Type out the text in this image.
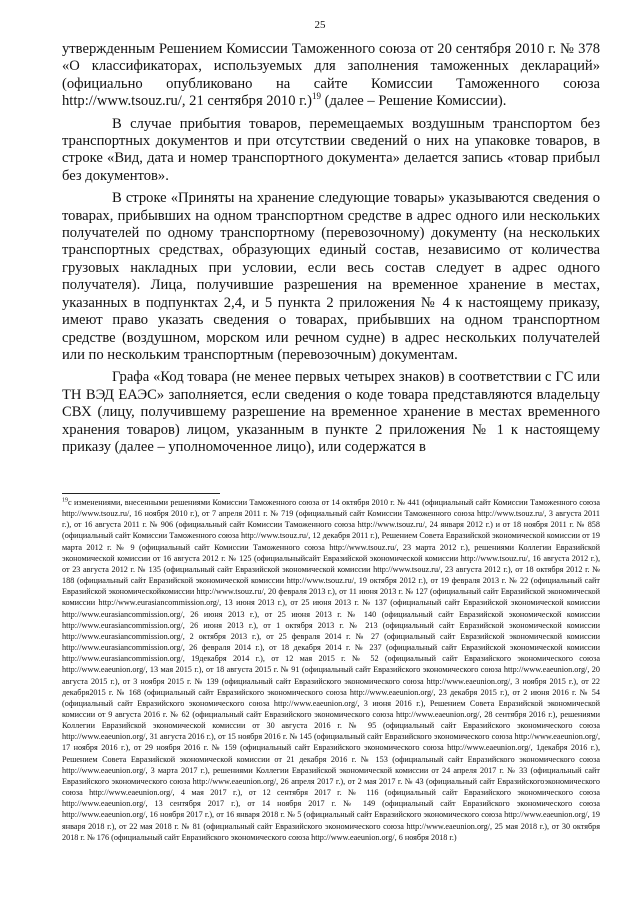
25

утвержденным Решением Комиссии Таможенного союза от 20 сентября 2010 г. № 378 «О классификаторах, используемых для заполнения таможенных деклараций» (официально опубликовано на сайте Комиссии Таможенного союза http://www.tsouz.ru/, 21 сентября 2010 г.)$^{19}$ (далее – Решение Комиссии).

В случае прибытия товаров, перемещаемых воздушным транспортом без транспортных документов и при отсутствии сведений о них на упаковке товаров, в строке «Вид, дата и номер транспортного документа» делается запись «товар прибыл без документов».

В строке «Приняты на хранение следующие товары» указываются сведения о товарах, прибывших на одном транспортном средстве в адрес одного или нескольких получателей по одному транспортному (перевозочному) документу (на нескольких транспортных средствах, образующих единый состав, независимо от количества грузовых накладных при условии, если весь состав следует в адрес одного получателя). Лица, получившие разрешения на временное хранение в местах, указанных в подпунктах 2,4, и 5 пункта 2 приложения № 4 к настоящему приказу, имеют право указать сведения о товарах, прибывших на одном транспортном средстве (воздушном, морском или речном судне) в адрес нескольких получателей или по нескольким транспортным (перевозочным) документам.

Графа «Код товара (не менее первых четырех знаков) в соответствии с ГС или ТН ВЭД ЕАЭС» заполняется, если сведения о коде товара представляются владельцу СВХ (лицу, получившему разрешение на временное хранение в местах временного хранения товаров) лицом, указанным в пункте 2 приложения № 1 к настоящему приказу (далее – уполномоченное лицо), или содержатся в

$^{19}$с изменениями, внесенными решениями Комиссии Таможенного союза от 14 октября 2010 г. № 441 (официальный сайт Комиссии Таможенного союза http://www.tsouz.ru/, 16 ноября 2010 г.), от 7 апреля 2011 г. № 719 (официальный сайт Комиссии Таможенного союза http://www.tsouz.ru/, 3 августа 2011 г.), от 16 августа 2011 г. № 906 (официальный сайт Комиссии Таможенного союза http://www.tsouz.ru/, 24 января 2012 г.) и от 18 ноября 2011 г. № 858 (официальный сайт Комиссии Таможенного союза http://www.tsouz.ru/, 12 декабря 2011 г.), Решением Совета Евразийской экономической комиссии от 19 марта 2012 г. № 9 (официальный сайт Комиссии Таможенного союза http://www.tsouz.ru/, 23 марта 2012 г.), решениями Коллегии Евразийской экономической комиссии от 16 августа 2012 г. № 125 (официальныйсайт Евразийской экономической комиссии http://www.tsouz.ru/, 16 августа 2012 г.), от 23 августа 2012 г. № 135 (официальный сайт Евразийской экономической комиссии http://www.tsouz.ru/, 23 августа 2012 г.), от 18 октября 2012 г. № 188 (официальный сайт Евразийской экономической комиссии http://www.tsouz.ru/, 19 октября 2012 г.), от 19 февраля 2013 г. № 22 (официальный сайт Евразийской экономическойкомиссии http://www.tsouz.ru/, 20 февраля 2013 г.), от 11 июня 2013 г. № 127 (официальный сайт Евразийской экономической комиссии http://www.eurasiancommission.org/, 13 июня 2013 г.), от 25 июня 2013 г. № 137 (официальный сайт Евразийской экономической комиссии http://www.eurasiancommission.org/, 26 июня 2013 г.), от 25 июня 2013 г. № 140 (официальный сайт Евразийской экономической комиссии http://www.eurasiancommission.org/, 26 июня 2013 г.), от 1 октября 2013 г. № 213 (официальный сайт Евразийской экономической комиссии http://www.eurasiancommission.org/, 2 октября 2013 г.), от 25 февраля 2014 г. № 27 (официальный сайт Евразийской экономической комиссии http://www.eurasiancommission.org/, 26 февраля 2014 г.), от 18 декабря 2014 г. № 237 (официальный сайт Евразийской экономической комиссии http://www.eurasiancommission.org/, 19декабря 2014 г.), от 12 мая 2015 г. № 52 (официальный сайт Евразийского экономического союза http://www.eaeunion.org/, 13 мая 2015 г.), от 18 августа 2015 г. № 91 (официальный сайт Евразийского экономического союза http://www.eaeunion.org/, 20 августа 2015 г.), от 3 ноября 2015 г. № 139 (официальный сайт Евразийского экономического союза http://www.eaeunion.org/, 3 ноября 2015 г.), от 22 декабря2015 г. № 168 (официальный сайт Евразийского экономического союза http://www.eaeunion.org/, 23 декабря 2015 г.), от 2 июня 2016 г. № 54 (официальный сайт Евразийского экономического союза http://www.eaeunion.org/, 3 июня 2016 г.), Решением Совета Евразийской экономической комиссии от 9 августа 2016 г. № 62 (официальный сайт Евразийского экономического союза http://www.eaeunion.org/, 28 сентября 2016 г.), решениями Коллегии Евразийской экономической комиссии от 30 августа 2016 г. № 95 (официальный сайт Евразийского экономического союза http://www.eaeunion.org/, 31 августа 2016 г.), от 15 ноября 2016 г. № 145 (официальный сайт Евразийского экономического союза http://www.eaeunion.org/, 17 ноября 2016 г.), от 29 ноября 2016 г. № 159 (официальный сайт Евразийского экономического союза http://www.eaeunion.org/, 1декабря 2016 г.), Решением Совета Евразийской экономической комиссии от 21 декабря 2016 г. № 153 (официальный сайт Евразийского экономического союза http://www.eaeunion.org/, 3 марта 2017 г.), решениями Коллегии Евразийской экономической комиссии от 24 апреля 2017 г. № 33 (официальный сайт Евразийского экономического союза http://www.eaeunion.org/, 26 апреля 2017 г.), от 2 мая 2017 г. № 43 (официальный сайт Евразийскогоэкономического союза http://www.eaeunion.org/, 4 мая 2017 г.), от 12 сентября 2017 г. № 116 (официальный сайт Евразийского экономического союза http://www.eaeunion.org/, 13 сентября 2017 г.), от 14 ноября 2017 г. № 149 (официальный сайт Евразийского экономического союза http://www.eaeunion.org/, 16 ноября 2017 г.), от 16 января 2018 г. № 5 (официальный сайт Евразийского экономического союза http://www.eaeunion.org/, 19 января 2018 г.), от 22 мая 2018 г. № 81 (официальный сайт Евразийского экономического союза http://www.eaeunion.org/, 25 мая 2018 г.), от 30 октября 2018 г. № 176 (официальный сайт Евразийского экономического союза http://www.eaeunion.org/, 6 ноября 2018 г.)
